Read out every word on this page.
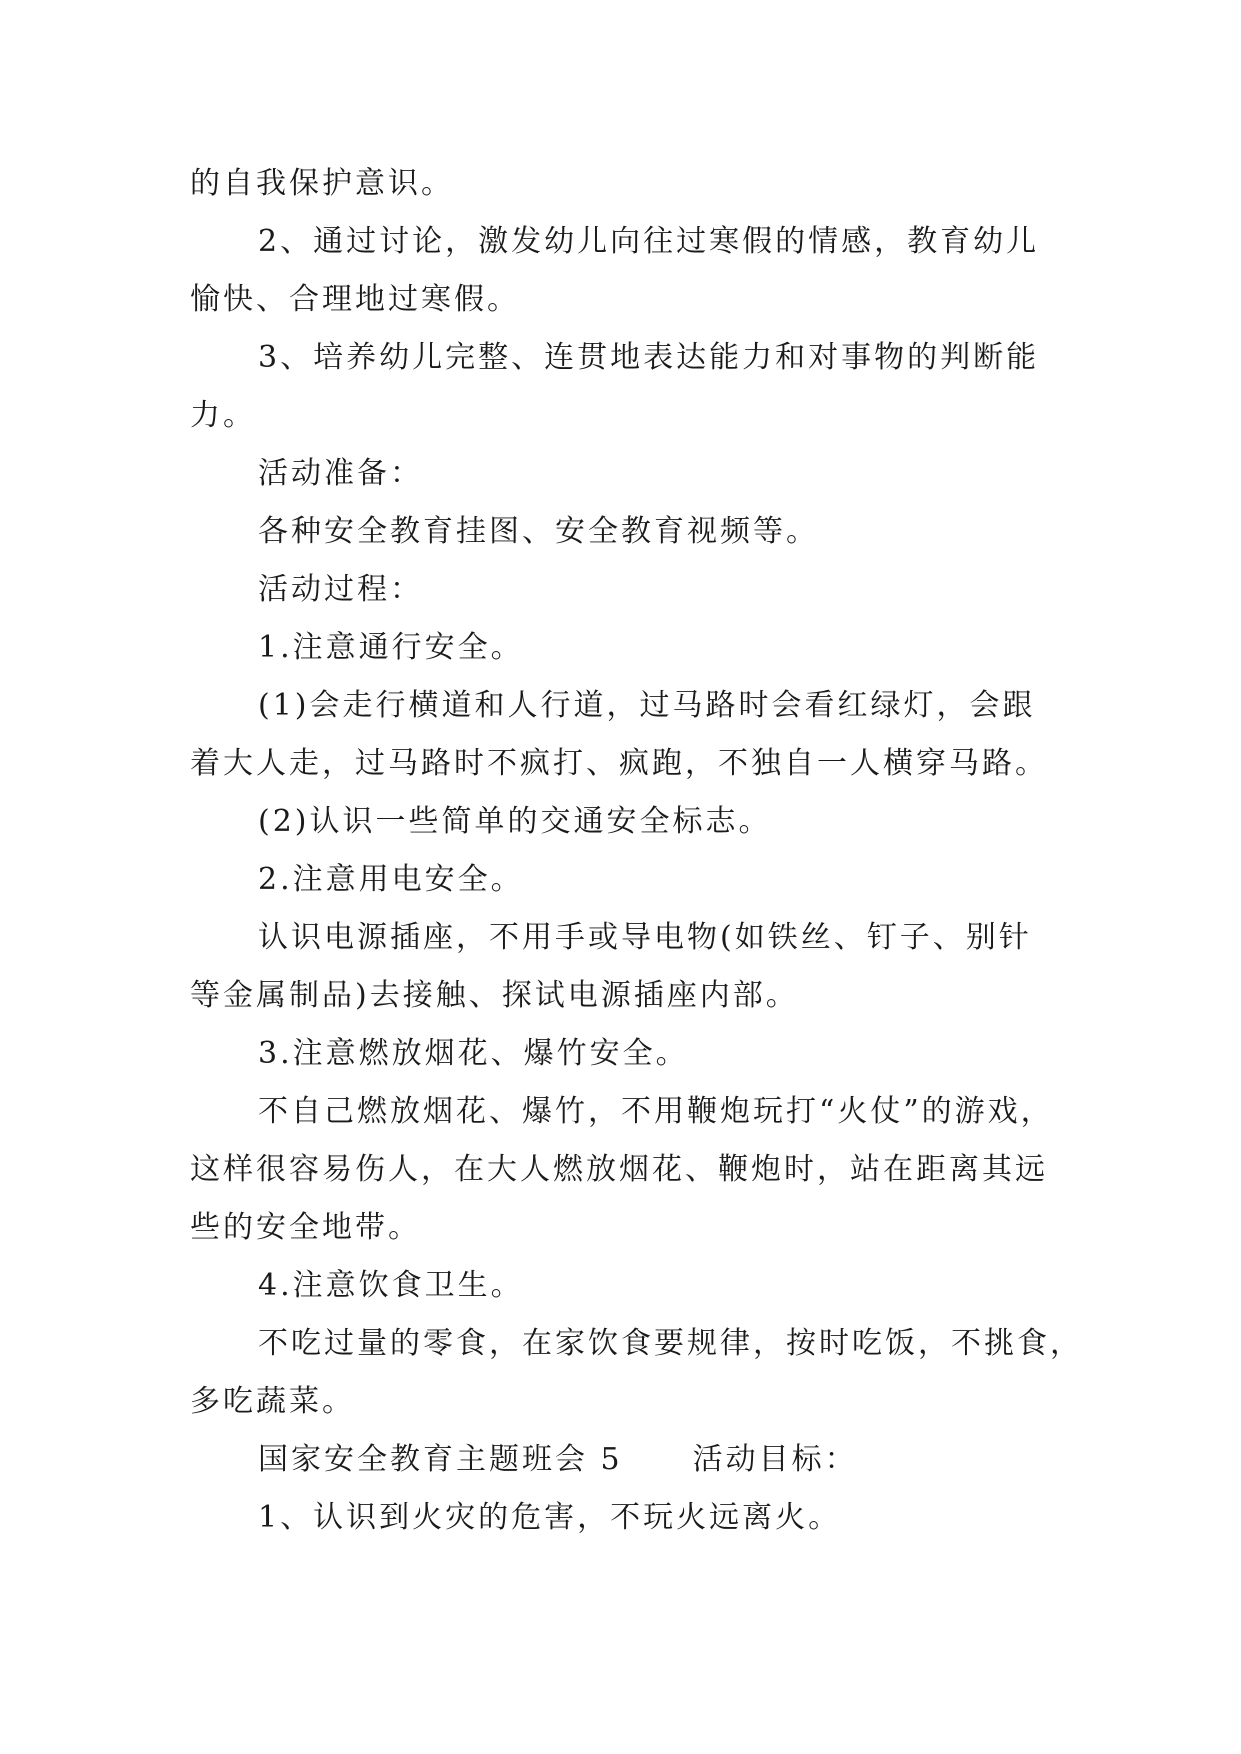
的自我保护意识。
2、通过讨论，激发幼儿向往过寒假的情感，教育幼儿
愉快、合理地过寒假。
3、培养幼儿完整、连贯地表达能力和对事物的判断能
力。
活动准备：
各种安全教育挂图、安全教育视频等。
活动过程：
1.注意通行安全。
(1)会走行横道和人行道，过马路时会看红绿灯，会跟
着大人走，过马路时不疯打、疯跑，不独自一人横穿马路。
(2)认识一些简单的交通安全标志。
2.注意用电安全。
认识电源插座，不用手或导电物(如铁丝、钉子、别针
等金属制品)去接触、探试电源插座内部。
3.注意燃放烟花、爆竹安全。
不自己燃放烟花、爆竹，不用鞭炮玩打“火仗”的游戏，
这样很容易伤人，在大人燃放烟花、鞭炮时，站在距离其远
些的安全地带。
4.注意饮食卫生。
不吃过量的零食，在家饮食要规律，按时吃饭，不挑食，
多吃蔬菜。
国家安全教育主题班会 5 活动目标：
1、认识到火灾的危害，不玩火远离火。
